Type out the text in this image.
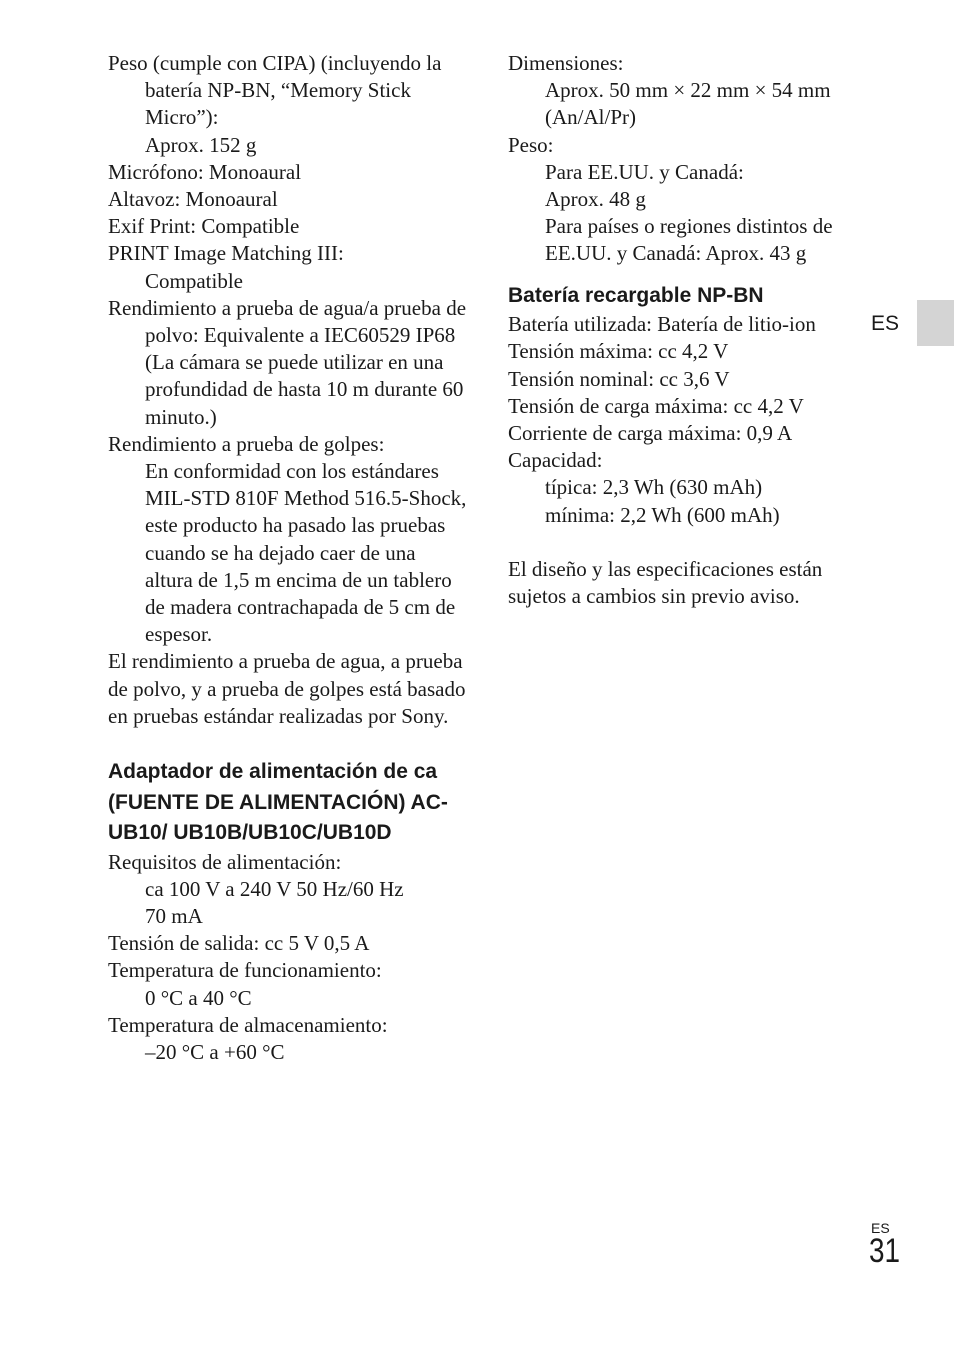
Peso (cumple con CIPA) (incluyendo la batería NP-BN, “Memory Stick Micro”):

Aprox. 152 g

Micrófono: Monoaural

Altavoz: Monoaural

Exif Print: Compatible

PRINT Image Matching III:

Compatible

Rendimiento a prueba de agua/a prueba de polvo: Equivalente a IEC60529 IP68 (La cámara se puede utilizar en una profundidad de hasta 10 m durante 60 minuto.)

Rendimiento a prueba de golpes:

En conformidad con los estándares MIL-STD 810F Method 516.5-Shock, este producto ha pasado las pruebas cuando se ha dejado caer de una altura de 1,5 m encima de un tablero de madera contrachapada de 5 cm de espesor.

El rendimiento a prueba de agua, a prueba de polvo, y a prueba de golpes está basado en pruebas estándar realizadas por Sony.

Adaptador de alimentación de ca (FUENTE DE ALIMENTACIÓN) AC-UB10/ UB10B/UB10C/UB10D

Requisitos de alimentación:

ca 100 V a 240 V 50 Hz/60 Hz

70 mA

Tensión de salida: cc 5 V 0,5 A

Temperatura de funcionamiento:

0 °C a 40 °C

Temperatura de almacenamiento:

–20 °C a +60 °C

Dimensiones:

Aprox. 50 mm × 22 mm × 54 mm

(An/Al/Pr)

Peso:

Para EE.UU. y Canadá:

Aprox. 48 g

Para países o regiones distintos de EE.UU. y Canadá: Aprox. 43 g

Batería recargable NP-BN

Batería utilizada: Batería de litio-ion

Tensión máxima: cc 4,2 V

Tensión nominal: cc 3,6 V

Tensión de carga máxima: cc 4,2 V

Corriente de carga máxima: 0,9 A

Capacidad:

típica: 2,3 Wh (630 mAh)

mínima: 2,2 Wh (600 mAh)

El diseño y las especificaciones están sujetos a cambios sin previo aviso.

ES
ES
31
